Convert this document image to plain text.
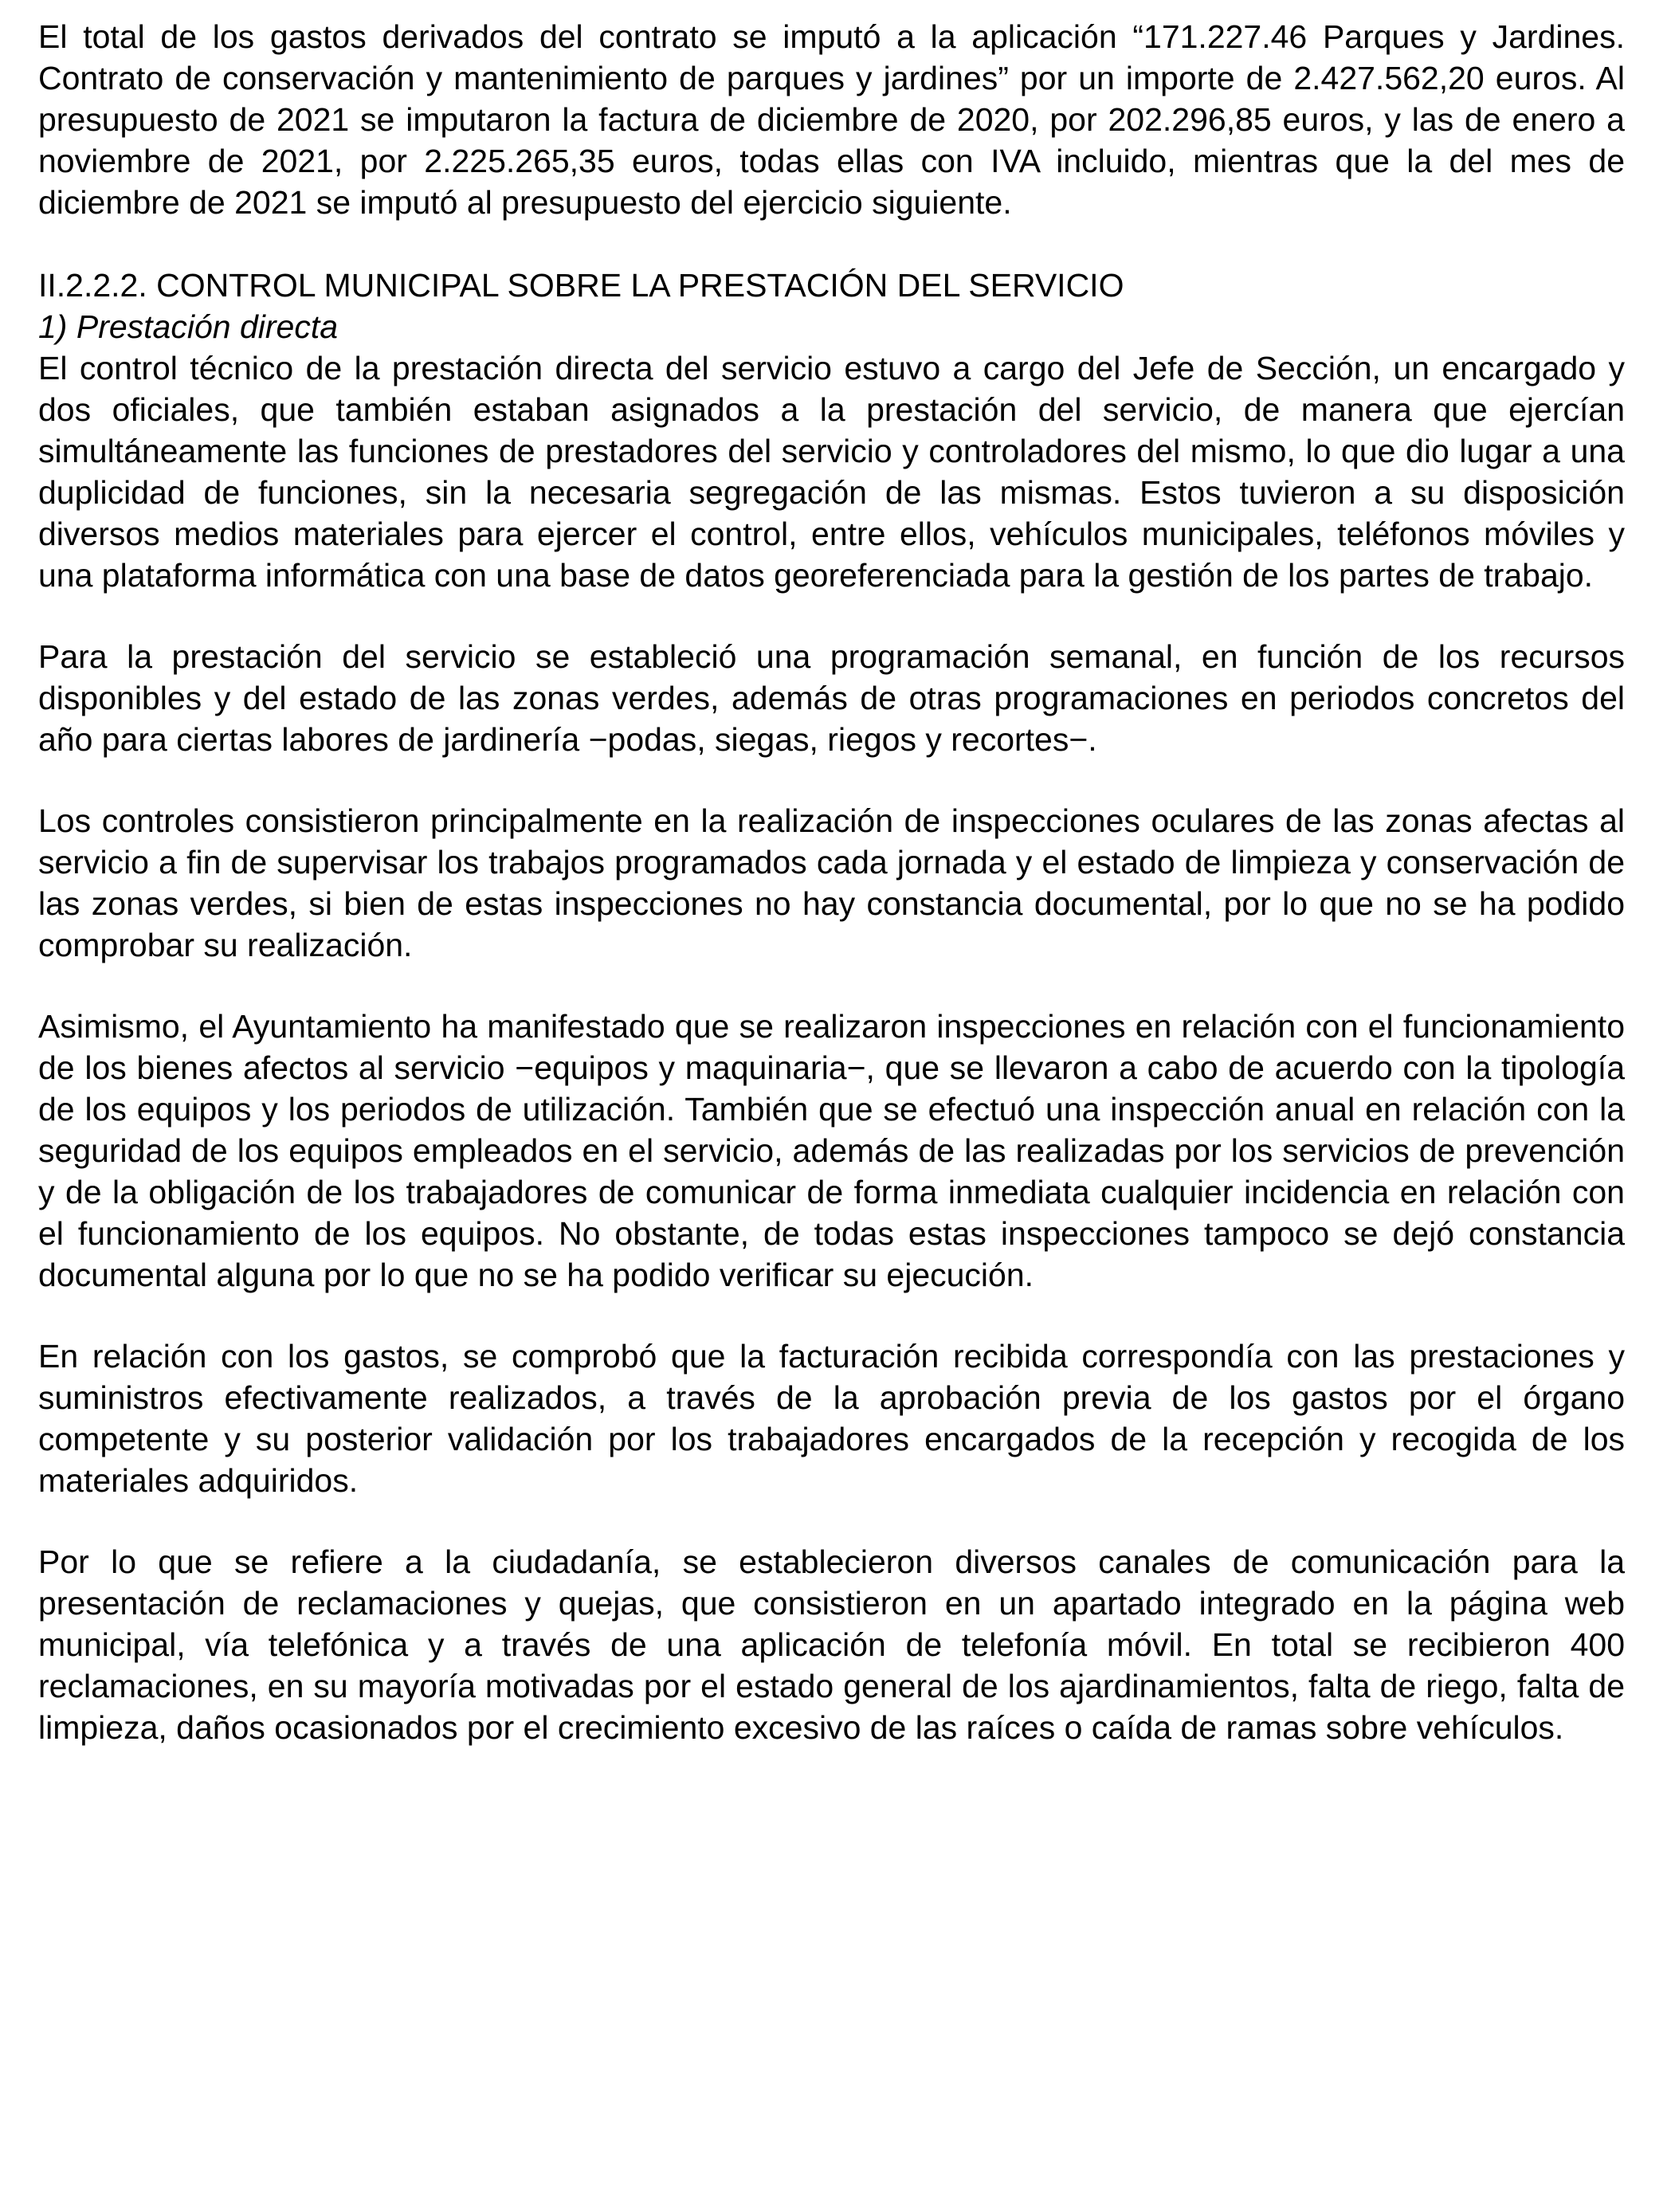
El total de los gastos derivados del contrato se imputó a la aplicación “171.227.46 Parques y Jardines. Contrato de conservación y mantenimiento de parques y jardines” por un importe de 2.427.562,20 euros. Al presupuesto de 2021 se imputaron la factura de diciembre de 2020, por 202.296,85 euros, y las de enero a noviembre de 2021, por 2.225.265,35 euros, todas ellas con IVA incluido, mientras que la del mes de diciembre de 2021 se imputó al presupuesto del ejercicio siguiente.

II.2.2.2. CONTROL MUNICIPAL SOBRE LA PRESTACIÓN DEL SERVICIO
1) Prestación directa

El control técnico de la prestación directa del servicio estuvo a cargo del Jefe de Sección, un encargado y dos oficiales, que también estaban asignados a la prestación del servicio, de manera que ejercían simultáneamente las funciones de prestadores del servicio y controladores del mismo, lo que dio lugar a una duplicidad de funciones, sin la necesaria segregación de las mismas. Estos tuvieron a su disposición diversos medios materiales para ejercer el control, entre ellos, vehículos municipales, teléfonos móviles y una plataforma informática con una base de datos georeferenciada para la gestión de los partes de trabajo.

Para la prestación del servicio se estableció una programación semanal, en función de los recursos disponibles y del estado de las zonas verdes, además de otras programaciones en periodos concretos del año para ciertas labores de jardinería −podas, siegas, riegos y recortes−.

Los controles consistieron principalmente en la realización de inspecciones oculares de las zonas afectas al servicio a fin de supervisar los trabajos programados cada jornada y el estado de limpieza y conservación de las zonas verdes, si bien de estas inspecciones no hay constancia documental, por lo que no se ha podido comprobar su realización.

Asimismo, el Ayuntamiento ha manifestado que se realizaron inspecciones en relación con el funcionamiento de los bienes afectos al servicio −equipos y maquinaria−, que se llevaron a cabo de acuerdo con la tipología de los equipos y los periodos de utilización. También que se efectuó una inspección anual en relación con la seguridad de los equipos empleados en el servicio, además de las realizadas por los servicios de prevención y de la obligación de los trabajadores de comunicar de forma inmediata cualquier incidencia en relación con el funcionamiento de los equipos. No obstante, de todas estas inspecciones tampoco se dejó constancia documental alguna por lo que no se ha podido verificar su ejecución.

En relación con los gastos, se comprobó que la facturación recibida correspondía con las prestaciones y suministros efectivamente realizados, a través de la aprobación previa de los gastos por el órgano competente y su posterior validación por los trabajadores encargados de la recepción y recogida de los materiales adquiridos.

Por lo que se refiere a la ciudadanía, se establecieron diversos canales de comunicación para la presentación de reclamaciones y quejas, que consistieron en un apartado integrado en la página web municipal, vía telefónica y a través de una aplicación de telefonía móvil. En total se recibieron 400 reclamaciones, en su mayoría motivadas por el estado general de los ajardinamientos, falta de riego, falta de limpieza, daños ocasionados por el crecimiento excesivo de las raíces o caída de ramas sobre vehículos.
